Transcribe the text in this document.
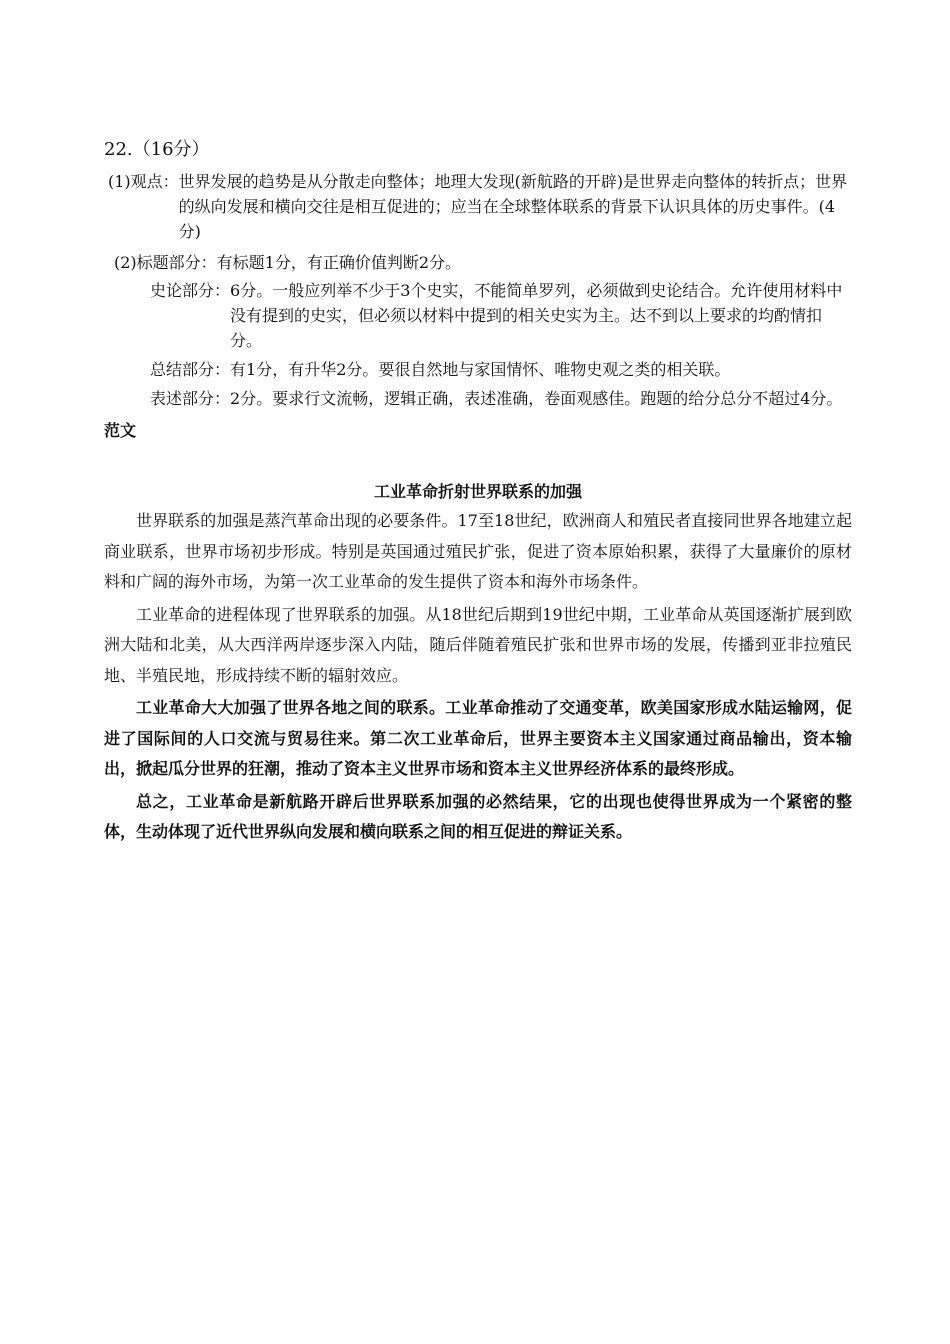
22.（16分）
(1)观点： 世界发展的趋势是从分散走向整体；地理大发现(新航路的开辟)是世界走向整体的转折点；世界的纵向发展和横向交往是相互促进的；应当在全球整体联系的背景下认识具体的历史事件。(4分)
(2)标题部分： 有标题1分，有正确价值判断2分。
史论部分： 6分。一般应列举不少于3个史实，不能简单罗列，必须做到史论结合。允许使用材料中没有提到的史实，但必须以材料中提到的相关史实为主。达不到以上要求的均酌情扣分。
总结部分： 有1分，有升华2分。要很自然地与家国情怀、唯物史观之类的相关联。
表述部分： 2分。要求行文流畅，逻辑正确，表述准确，卷面观感佳。跑题的给分总分不超过4分。
范文
工业革命折射世界联系的加强

世界联系的加强是蒸汽革命出现的必要条件。17至18世纪，欧洲商人和殖民者直接同世界各地建立起商业联系，世界市场初步形成。特别是英国通过殖民扩张，促进了资本原始积累，获得了大量廉价的原材料和广阔的海外市场，为第一次工业革命的发生提供了资本和海外市场条件。

工业革命的进程体现了世界联系的加强。从18世纪后期到19世纪中期，工业革命从英国逐渐扩展到欧洲大陆和北美，从大西洋两岸逐步深入内陆，随后伴随着殖民扩张和世界市场的发展，传播到亚非拉殖民地、半殖民地，形成持续不断的辐射效应。

工业革命大大加强了世界各地之间的联系。工业革命推动了交通变革，欧美国家形成水陆运输网，促进了国际间的人口交流与贸易往来。第二次工业革命后，世界主要资本主义国家通过商品输出，资本输出，掀起瓜分世界的狂潮，推动了资本主义世界市场和资本主义世界经济体系的最终形成。

总之，工业革命是新航路开辟后世界联系加强的必然结果，它的出现也使得世界成为一个紧密的整体，生动体现了近代世界纵向发展和横向联系之间的相互促进的辩证关系。
